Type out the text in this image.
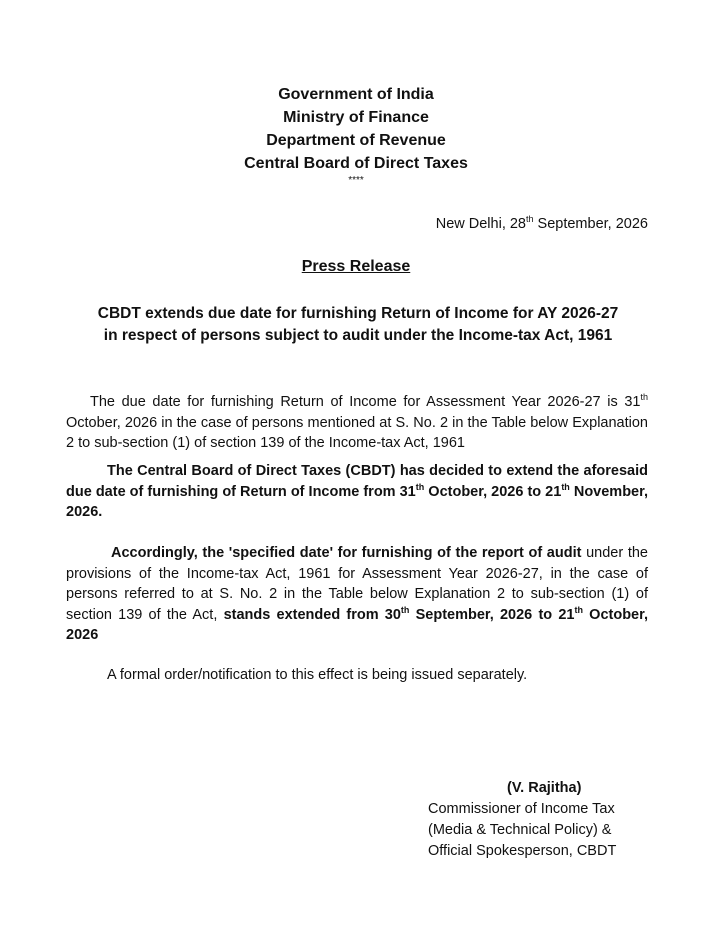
Government of India
Ministry of Finance
Department of Revenue
Central Board of Direct Taxes
****
New Delhi, 28th September, 2026
Press Release
CBDT extends due date for furnishing Return of Income for AY 2026-27
in respect of persons subject to audit under the Income-tax Act, 1961
The due date for furnishing Return of Income for Assessment Year 2026-27 is 31th October, 2026 in the case of persons mentioned at S. No. 2 in the Table below Explanation 2 to sub-section (1) of section 139 of the Income-tax Act, 1961
The Central Board of Direct Taxes (CBDT) has decided to extend the aforesaid due date of furnishing of Return of Income from 31th October, 2026 to 21th November, 2026.
Accordingly, the 'specified date' for furnishing of the report of audit under the provisions of the Income-tax Act, 1961 for Assessment Year 2026-27, in the case of persons referred to at S. No. 2 in the Table below Explanation 2 to sub-section (1) of section 139 of the Act, stands extended from 30th September, 2026 to 21th October, 2026
A formal order/notification to this effect is being issued separately.
(V. Rajitha)
Commissioner of Income Tax
(Media & Technical Policy) &
Official Spokesperson, CBDT
